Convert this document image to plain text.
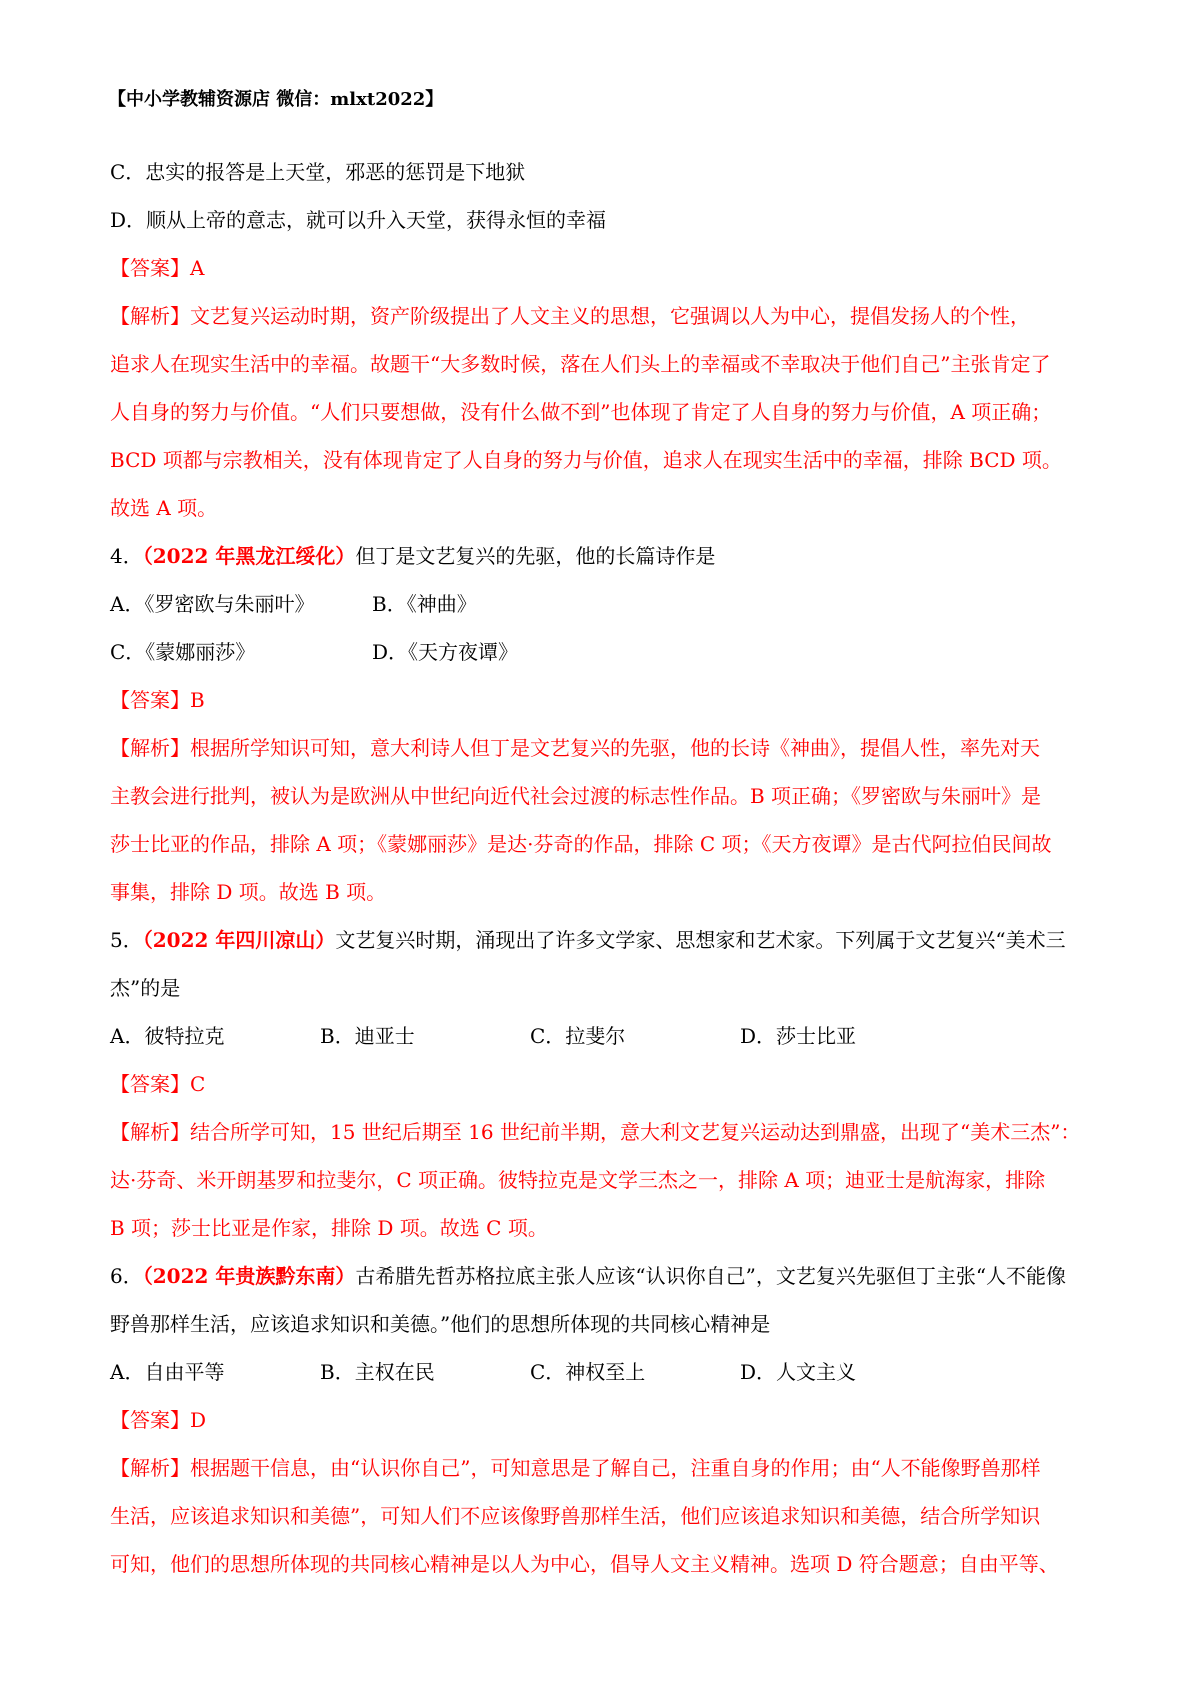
【中小学教辅资源店 微信：mlxt2022】
C．忠实的报答是上天堂，邪恶的惩罚是下地狱
D．顺从上帝的意志，就可以升入天堂，获得永恒的幸福
【答案】A
【解析】文艺复兴运动时期，资产阶级提出了人文主义的思想，它强调以人为中心，提倡发扬人的个性，
追求人在现实生活中的幸福。故题干“大多数时候，落在人们头上的幸福或不幸取决于他们自己”主张肯定了
人自身的努力与价值。“人们只要想做，没有什么做不到”也体现了肯定了人自身的努力与价值，A 项正确；
BCD 项都与宗教相关，没有体现肯定了人自身的努力与价值，追求人在现实生活中的幸福，排除 BCD 项。
故选 A 项。
4．（2022 年黑龙江绥化）但丁是文艺复兴的先驱，他的长篇诗作是
A．《罗密欧与朱丽叶》	B．《神曲》
C．《蒙娜丽莎》	D．《天方夜谭》
【答案】B
【解析】根据所学知识可知，意大利诗人但丁是文艺复兴的先驱，他的长诗《神曲》，提倡人性，率先对天
主教会进行批判，被认为是欧洲从中世纪向近代社会过渡的标志性作品。B 项正确；《罗密欧与朱丽叶》是
莎士比亚的作品，排除 A 项；《蒙娜丽莎》是达·芬奇的作品，排除 C 项；《天方夜谭》是古代阿拉伯民间故
事集，排除 D 项。故选 B 项。
5．（2022 年四川凉山）文艺复兴时期，涌现出了许多文学家、思想家和艺术家。下列属于文艺复兴“美术三
杰”的是
A．彼特拉克	B．迪亚士	C．拉斐尔	D．莎士比亚
【答案】C
【解析】结合所学可知，15 世纪后期至 16 世纪前半期，意大利文艺复兴运动达到鼎盛，出现了“美术三杰”：
达·芬奇、米开朗基罗和拉斐尔，C 项正确。彼特拉克是文学三杰之一，排除 A 项；迪亚士是航海家，排除
B 项；莎士比亚是作家，排除 D 项。故选 C 项。
6．（2022 年贵族黔东南）古希腊先哲苏格拉底主张人应该“认识你自己”，文艺复兴先驱但丁主张“人不能像
野兽那样生活，应该追求知识和美德。”他们的思想所体现的共同核心精神是
A．自由平等	B．主权在民	C．神权至上	D．人文主义
【答案】D
【解析】根据题干信息，由“认识你自己”，可知意思是了解自己，注重自身的作用；由“人不能像野兽那样
生活，应该追求知识和美德”，可知人们不应该像野兽那样生活，他们应该追求知识和美德，结合所学知识
可知，他们的思想所体现的共同核心精神是以人为中心，倡导人文主义精神。选项 D 符合题意；自由平等、
